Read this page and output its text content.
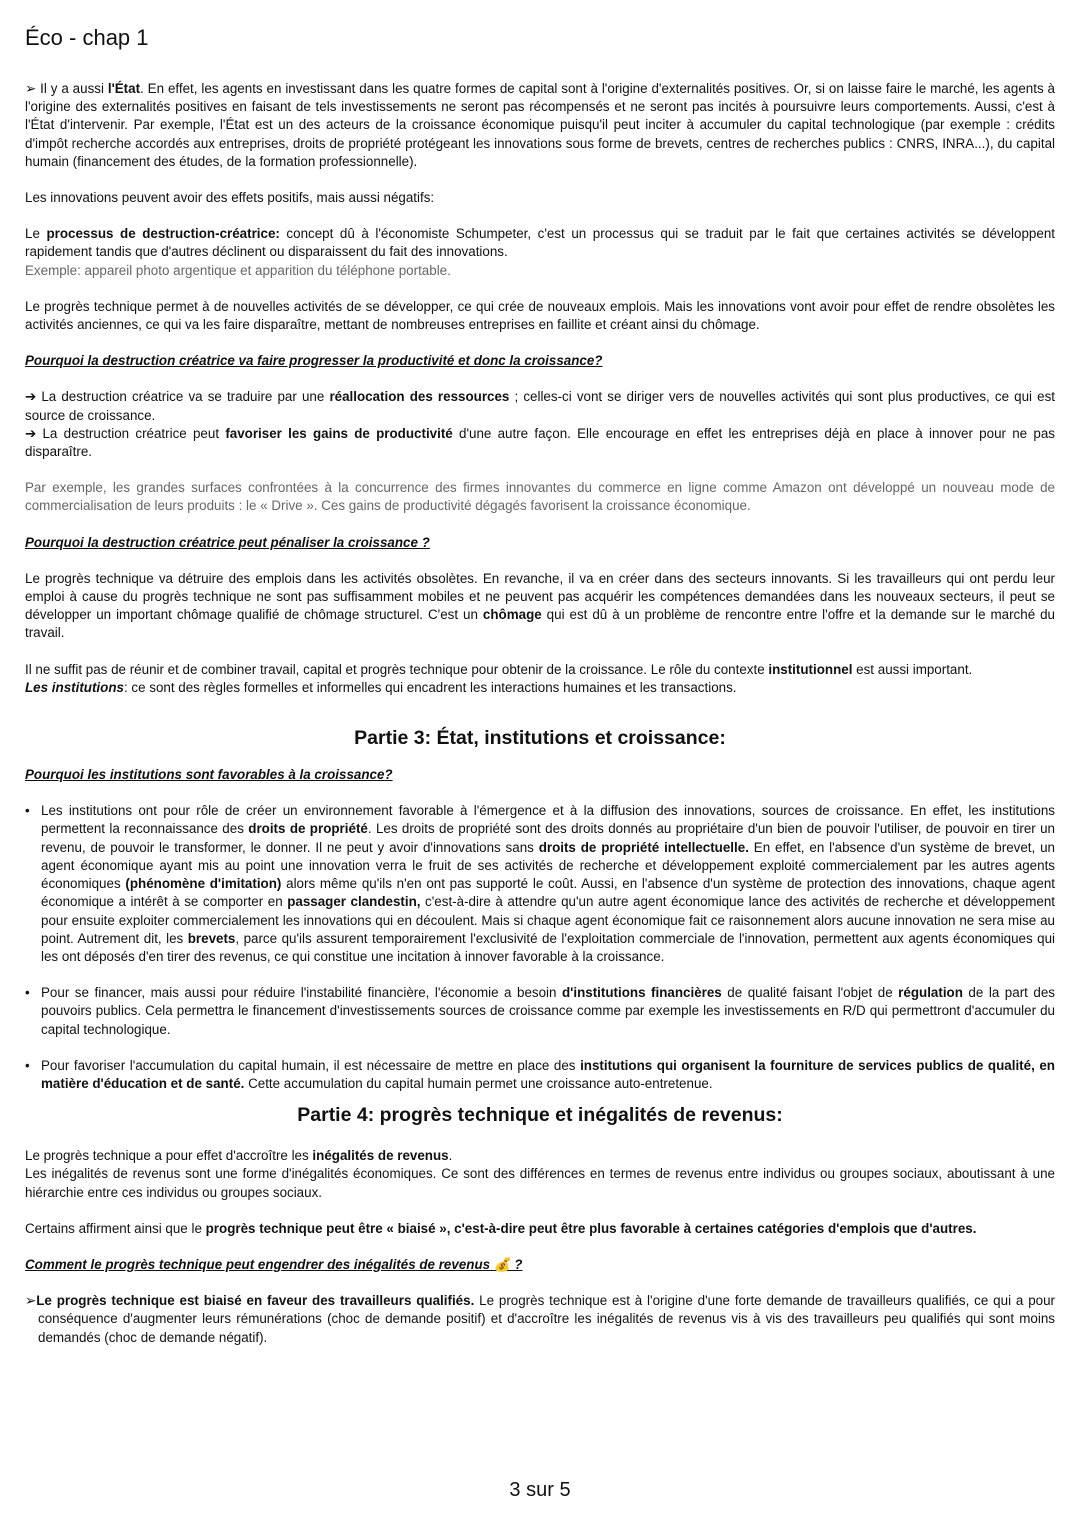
Éco - chap 1

➢ Il y a aussi l'État. En effet, les agents en investissant dans les quatre formes de capital sont à l'origine d'externalités positives. Or, si on laisse faire le marché, les agents à l'origine des externalités positives en faisant de tels investissements ne seront pas récompensés et ne seront pas incités à poursuivre leurs comportements. Aussi, c'est à l'État d'intervenir. Par exemple, l'État est un des acteurs de la croissance économique puisqu'il peut inciter à accumuler du capital technologique (par exemple : crédits d'impôt recherche accordés aux entreprises, droits de propriété protégeant les innovations sous forme de brevets, centres de recherches publics : CNRS, INRA...), du capital humain (financement des études, de la formation professionnelle).

Les innovations peuvent avoir des effets positifs, mais aussi négatifs:

Le processus de destruction-créatrice: concept dû à l'économiste Schumpeter, c'est un processus qui se traduit par le fait que certaines activités se développent rapidement tandis que d'autres déclinent ou disparaissent du fait des innovations.

Exemple: appareil photo argentique et apparition du téléphone portable.

Le progrès technique permet à de nouvelles activités de se développer, ce qui crée de nouveaux emplois. Mais les innovations vont avoir pour effet de rendre obsolètes les activités anciennes, ce qui va les faire disparaître, mettant de nombreuses entreprises en faillite et créant ainsi du chômage.

Pourquoi la destruction créatrice va faire progresser la productivité et donc la croissance?

➔ La destruction créatrice va se traduire par une réallocation des ressources ; celles-ci vont se diriger vers de nouvelles activités qui sont plus productives, ce qui est source de croissance.

➔ La destruction créatrice peut favoriser les gains de productivité d'une autre façon. Elle encourage en effet les entreprises déjà en place à innover pour ne pas disparaître.

Par exemple, les grandes surfaces confrontées à la concurrence des firmes innovantes du commerce en ligne comme Amazon ont développé un nouveau mode de commercialisation de leurs produits : le « Drive ». Ces gains de productivité dégagés favorisent la croissance économique.

Pourquoi la destruction créatrice peut pénaliser la croissance ?

Le progrès technique va détruire des emplois dans les activités obsolètes. En revanche, il va en créer dans des secteurs innovants. Si les travailleurs qui ont perdu leur emploi à cause du progrès technique ne sont pas suffisamment mobiles et ne peuvent pas acquérir les compétences demandées dans les nouveaux secteurs, il peut se développer un important chômage qualifié de chômage structurel. C'est un chômage qui est dû à un problème de rencontre entre l'offre et la demande sur le marché du travail.

Il ne suffit pas de réunir et de combiner travail, capital et progrès technique pour obtenir de la croissance. Le rôle du contexte institutionnel est aussi important.

Les institutions: ce sont des règles formelles et informelles qui encadrent les interactions humaines et les transactions.

Partie 3: État, institutions et croissance:

Pourquoi les institutions sont favorables à la croissance?

• Les institutions ont pour rôle de créer un environnement favorable à l'émergence et à la diffusion des innovations, sources de croissance. En effet, les institutions permettent la reconnaissance des droits de propriété. Les droits de propriété sont des droits donnés au propriétaire d'un bien de pouvoir l'utiliser, de pouvoir en tirer un revenu, de pouvoir le transformer, le donner. Il ne peut y avoir d'innovations sans droits de propriété intellectuelle. En effet, en l'absence d'un système de brevet, un agent économique ayant mis au point une innovation verra le fruit de ses activités de recherche et développement exploité commercialement par les autres agents économiques (phénomène d'imitation) alors même qu'ils n'en ont pas supporté le coût. Aussi, en l'absence d'un système de protection des innovations, chaque agent économique a intérêt à se comporter en passager clandestin, c'est-à-dire à attendre qu'un autre agent économique lance des activités de recherche et développement pour ensuite exploiter commercialement les innovations qui en découlent. Mais si chaque agent économique fait ce raisonnement alors aucune innovation ne sera mise au point. Autrement dit, les brevets, parce qu'ils assurent temporairement l'exclusivité de l'exploitation commerciale de l'innovation, permettent aux agents économiques qui les ont déposés d'en tirer des revenus, ce qui constitue une incitation à innover favorable à la croissance.
• Pour se financer, mais aussi pour réduire l'instabilité financière, l'économie a besoin d'institutions financières de qualité faisant l'objet de régulation de la part des pouvoirs publics. Cela permettra le financement d'investissements sources de croissance comme par exemple les investissements en R/D qui permettront d'accumuler du capital technologique.
• Pour favoriser l'accumulation du capital humain, il est nécessaire de mettre en place des institutions qui organisent la fourniture de services publics de qualité, en matière d'éducation et de santé. Cette accumulation du capital humain permet une croissance auto-entretenue.

Partie 4: progrès technique et inégalités de revenus:

Le progrès technique a pour effet d'accroître les inégalités de revenus.

Les inégalités de revenus sont une forme d'inégalités économiques. Ce sont des différences en termes de revenus entre individus ou groupes sociaux, aboutissant à une hiérarchie entre ces individus ou groupes sociaux.

Certains affirment ainsi que le progrès technique peut être « biaisé », c'est-à-dire peut être plus favorable à certaines catégories d'emplois que d'autres.

Comment le progrès technique peut engendrer des inégalités de revenus 💰 ?

➢Le progrès technique est biaisé en faveur des travailleurs qualifiés. Le progrès technique est à l'origine d'une forte demande de travailleurs qualifiés, ce qui a pour conséquence d'augmenter leurs rémunérations (choc de demande positif) et d'accroître les inégalités de revenus vis à vis des travailleurs peu qualifiés qui sont moins demandés (choc de demande négatif).

3 sur 5
